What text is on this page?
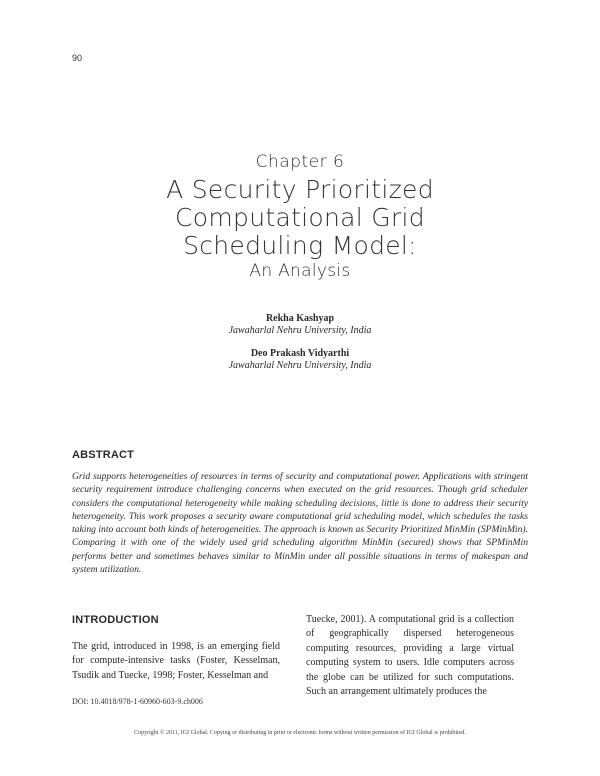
90
Chapter 6
A Security Prioritized
Computational Grid
Scheduling Model:
An Analysis
Rekha Kashyap
Jawaharlal Nehru University, India
Deo Prakash Vidyarthi
Jawaharlal Nehru University, India
ABSTRACT
Grid supports heterogeneities of resources in terms of security and computational power. Applications with stringent security requirement introduce challenging concerns when executed on the grid resources. Though grid scheduler considers the computational heterogeneity while making scheduling decisions, little is done to address their security heterogeneity. This work proposes a security aware computational grid scheduling model, which schedules the tasks taking into account both kinds of heterogeneities. The approach is known as Security Prioritized MinMin (SPMinMin). Comparing it with one of the widely used grid scheduling algorithm MinMin (secured) shows that SPMinMin performs better and sometimes behaves similar to MinMin under all possible situations in terms of makespan and system utilization.
INTRODUCTION
The grid, introduced in 1998, is an emerging field for compute-intensive tasks (Foster, Kesselman, Tsudik and Tuecke, 1998; Foster, Kesselman and
Tuecke, 2001). A computational grid is a collection of geographically dispersed heterogeneous computing resources, providing a large virtual computing system to users. Idle computers across the globe can be utilized for such computations. Such an arrangement ultimately produces the
DOI: 10.4018/978-1-60960-603-9.ch006
Copyright © 2011, IGI Global. Copying or distributing in print or electronic forms without written permission of IGI Global is prohibited.
